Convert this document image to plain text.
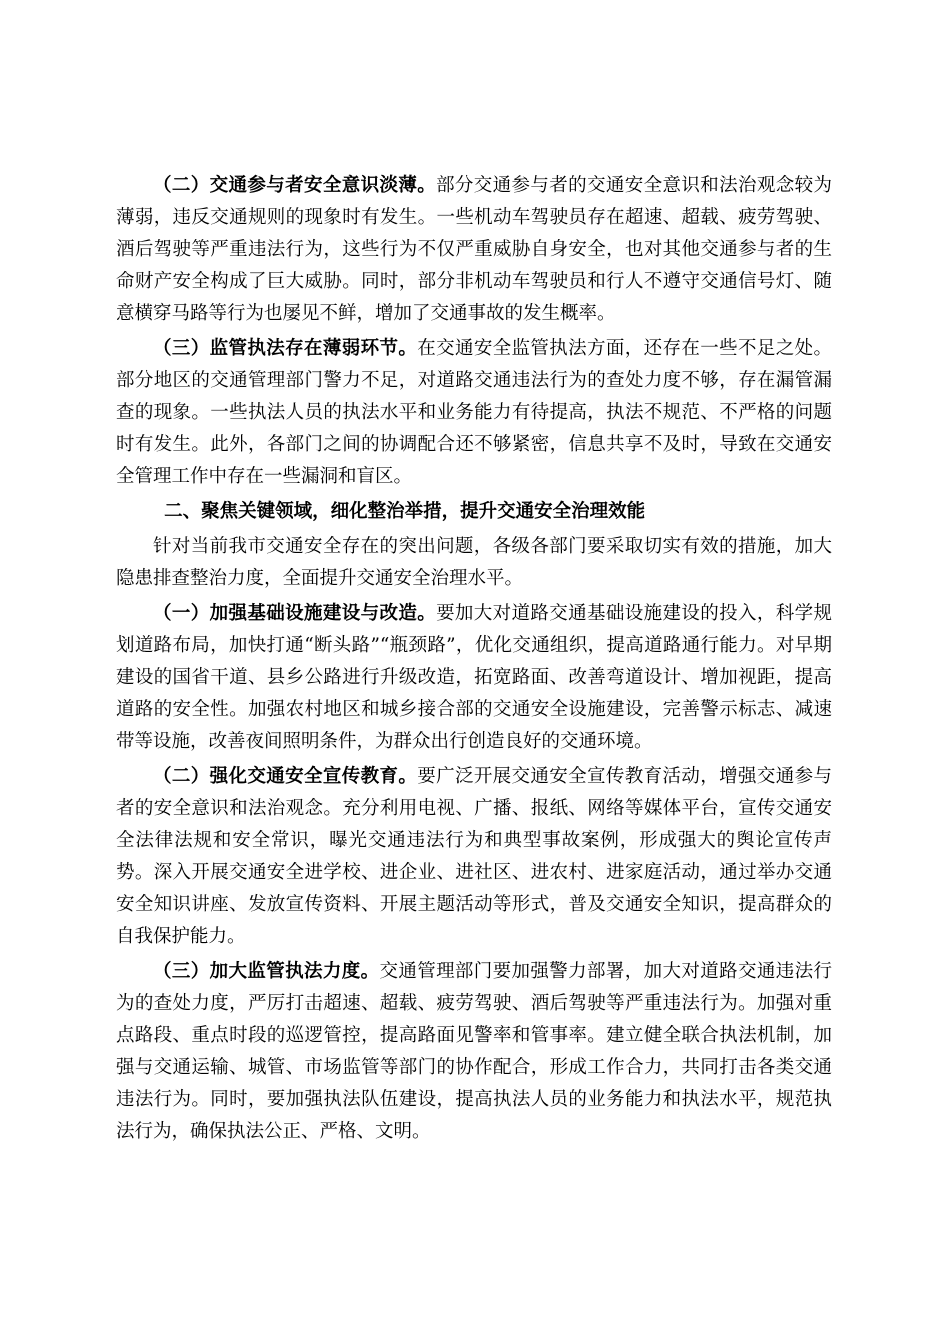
（二）交通参与者安全意识淡薄。部分交通参与者的交通安全意识和法治观念较为薄弱，违反交通规则的现象时有发生。一些机动车驾驶员存在超速、超载、疲劳驾驶、酒后驾驶等严重违法行为，这些行为不仅严重威胁自身安全，也对其他交通参与者的生命财产安全构成了巨大威胁。同时，部分非机动车驾驶员和行人不遵守交通信号灯、随意横穿马路等行为也屡见不鲜，增加了交通事故的发生概率。

（三）监管执法存在薄弱环节。在交通安全监管执法方面，还存在一些不足之处。部分地区的交通管理部门警力不足，对道路交通违法行为的查处力度不够，存在漏管漏查的现象。一些执法人员的执法水平和业务能力有待提高，执法不规范、不严格的问题时有发生。此外，各部门之间的协调配合还不够紧密，信息共享不及时，导致在交通安全管理工作中存在一些漏洞和盲区。

二、聚焦关键领域，细化整治举措，提升交通安全治理效能

针对当前我市交通安全存在的突出问题，各级各部门要采取切实有效的措施，加大隐患排查整治力度，全面提升交通安全治理水平。

（一）加强基础设施建设与改造。要加大对道路交通基础设施建设的投入，科学规划道路布局，加快打通“断头路”“瓶颈路”，优化交通组织，提高道路通行能力。对早期建设的国省干道、县乡公路进行升级改造，拓宽路面、改善弯道设计、增加视距，提高道路的安全性。加强农村地区和城乡接合部的交通安全设施建设，完善警示标志、减速带等设施，改善夜间照明条件，为群众出行创造良好的交通环境。

（二）强化交通安全宣传教育。要广泛开展交通安全宣传教育活动，增强交通参与者的安全意识和法治观念。充分利用电视、广播、报纸、网络等媒体平台，宣传交通安全法律法规和安全常识，曝光交通违法行为和典型事故案例，形成强大的舆论宣传声势。深入开展交通安全进学校、进企业、进社区、进农村、进家庭活动，通过举办交通安全知识讲座、发放宣传资料、开展主题活动等形式，普及交通安全知识，提高群众的自我保护能力。

（三）加大监管执法力度。交通管理部门要加强警力部署，加大对道路交通违法行为的查处力度，严厉打击超速、超载、疲劳驾驶、酒后驾驶等严重违法行为。加强对重点路段、重点时段的巡逻管控，提高路面见警率和管事率。建立健全联合执法机制，加强与交通运输、城管、市场监管等部门的协作配合，形成工作合力，共同打击各类交通违法行为。同时，要加强执法队伍建设，提高执法人员的业务能力和执法水平，规范执法行为，确保执法公正、严格、文明。
